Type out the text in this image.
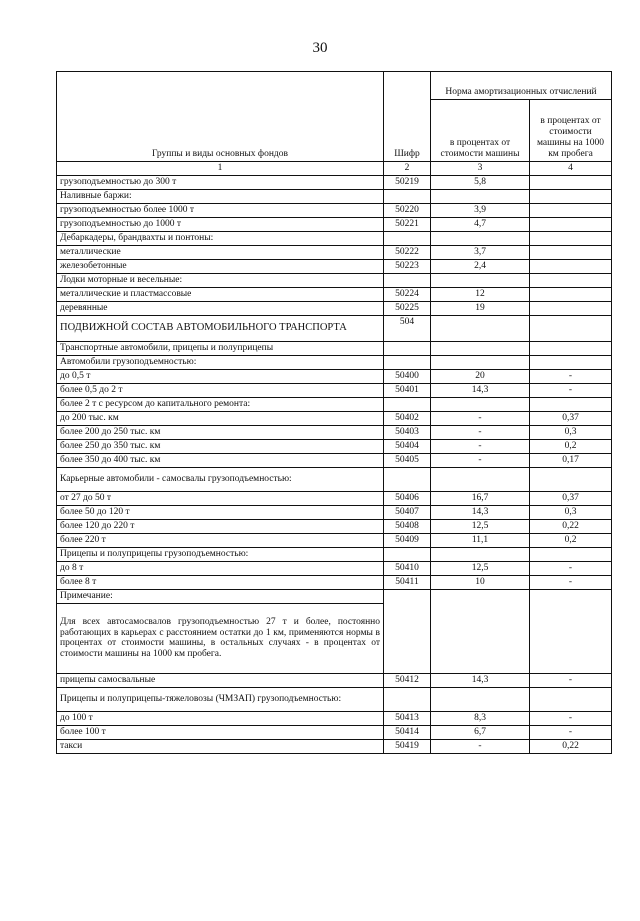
30
Группы и виды основных фондов	Шифр	Норма амортизационных отчислений	
		в процентах от стоимости машины	в процентах от стоимости машины на 1000 км пробега
1	2	3	4
грузоподъемностью до 300 т	50219	5,8	
Наливные баржи:			
грузоподъемностью более 1000 т	50220	3,9	
грузоподъемностью до 1000 т	50221	4,7	
Дебаркадеры, брандвахты и понтоны:			
металлические	50222	3,7	
железобетонные	50223	2,4	
Лодки моторные и весельные:			
металлические и пластмассовые	50224	12	
деревянные	50225	19	
ПОДВИЖНОЙ СОСТАВ АВТОМОБИЛЬНОГО ТРАНСПОРТА	504		
Транспортные автомобили, прицепы и полуприцепы			
Автомобили грузоподъемностью:			
до 0,5 т	50400	20	-
более 0,5 до 2 т	50401	14,3	-
более 2 т с ресурсом до капитального ремонта:			
до 200 тыс. км	50402	-	0,37
более 200 до 250 тыс. км	50403	-	0,3
более 250 до 350 тыс. км	50404	-	0,2
более 350 до 400 тыс. км	50405	-	0,17
Карьерные автомобили - самосвалы грузоподъемностью:			
от 27 до 50 т	50406	16,7	0,37
более 50 до 120 т	50407	14,3	0,3
более 120 до 220 т	50408	12,5	0,22
более 220 т	50409	11,1	0,2
Прицепы и полуприцепы грузоподъемностью:			
до 8 т	50410	12,5	-
более 8 т	50411	10	-
Примечание:			
Для всех автосамосвалов грузоподъемностью 27 т и более, постоянно работающих в карьерах с расстоянием остатки до 1 км, применяются нормы в процентах от стоимости машины, в остальных случаях - в процентах от стоимости машины на 1000 км пробега.			
прицепы самосвальные	50412	14,3	-
Прицепы и полуприцепы-тяжеловозы (ЧМЗАП) грузоподъемностью:			
до 100 т	50413	8,3	-
более 100 т	50414	6,7	-
такси	50419	-	0,22
